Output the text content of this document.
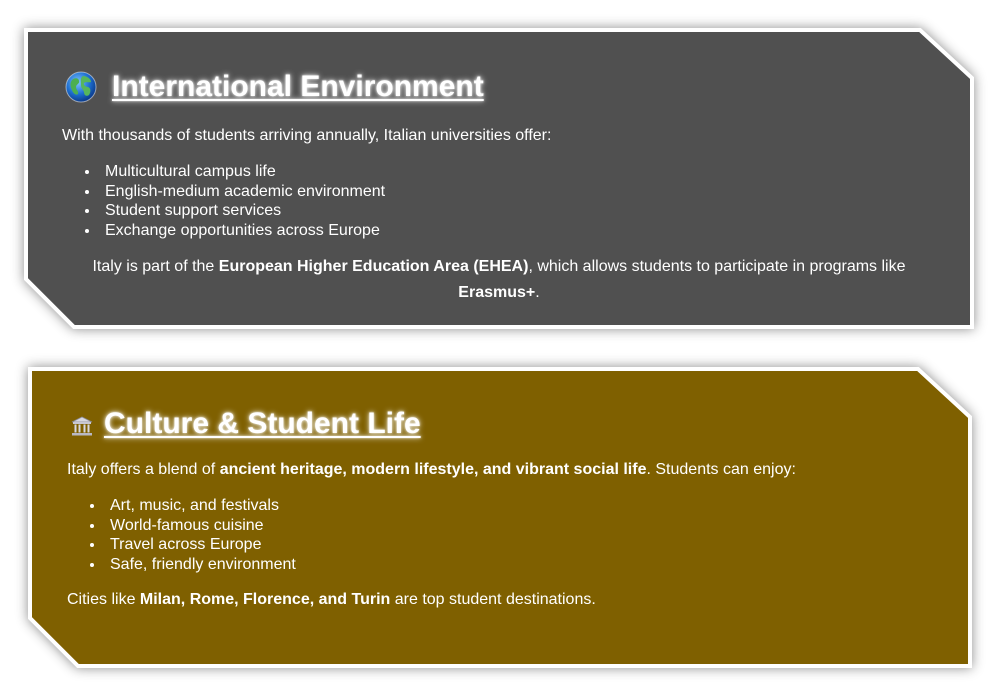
International Environment
With thousands of students arriving annually, Italian universities offer:
Multicultural campus life
English-medium academic environment
Student support services
Exchange opportunities across Europe
Italy is part of the European Higher Education Area (EHEA), which allows students to participate in programs like Erasmus+.
Culture & Student Life
Italy offers a blend of ancient heritage, modern lifestyle, and vibrant social life. Students can enjoy:
Art, music, and festivals
World-famous cuisine
Travel across Europe
Safe, friendly environment
Cities like Milan, Rome, Florence, and Turin are top student destinations.
